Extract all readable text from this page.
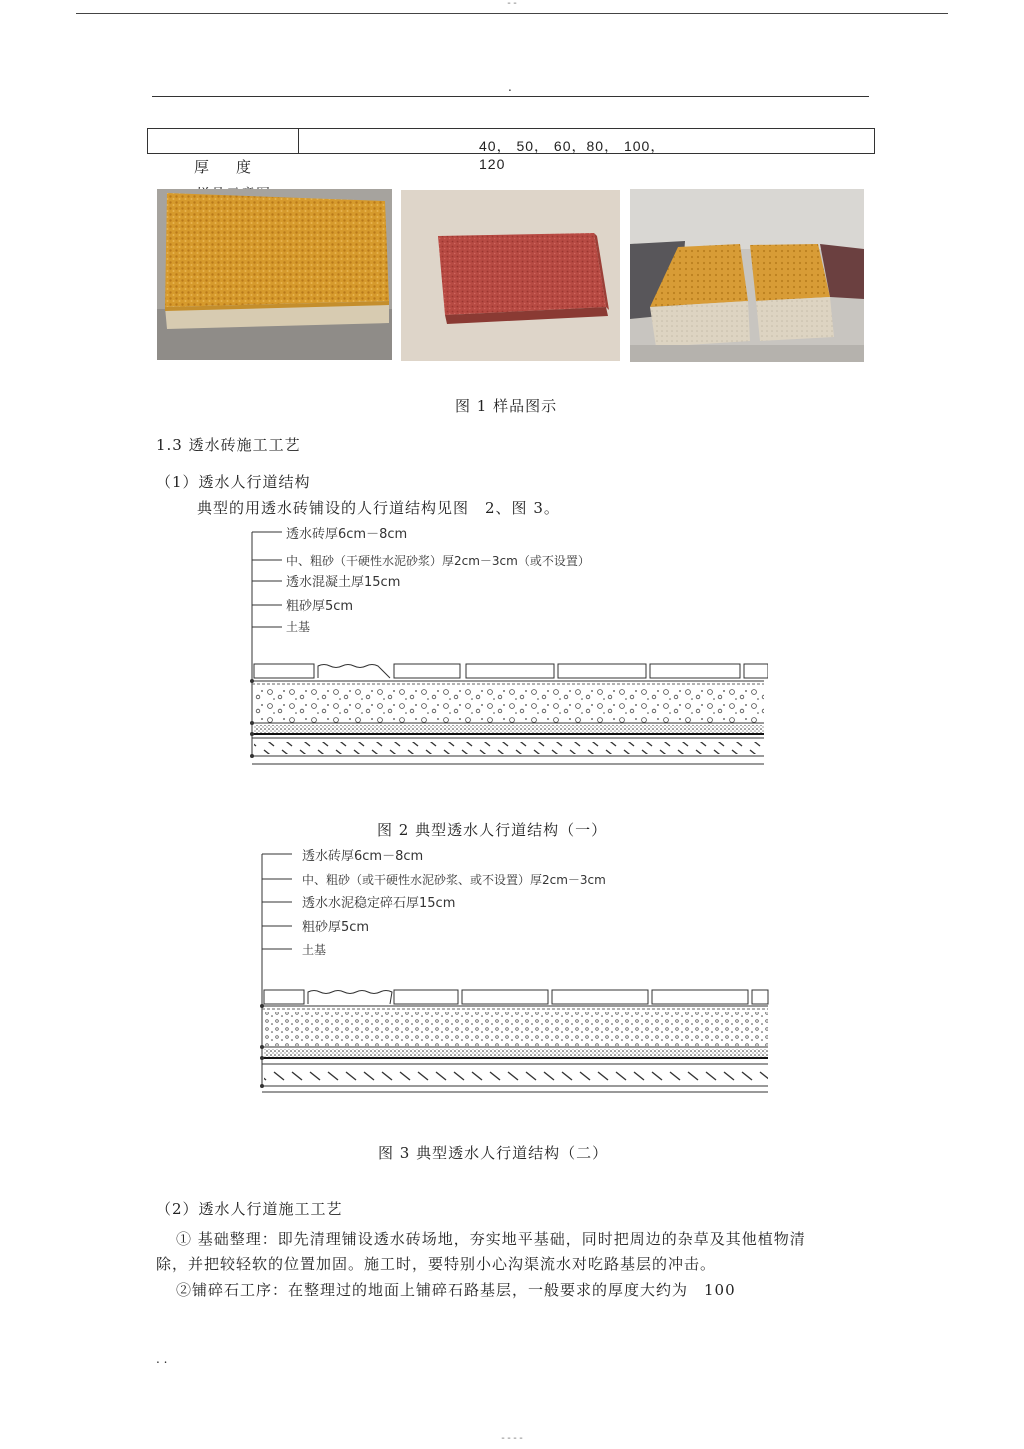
--
.
40， 50， 60，80， 100，
厚　度	120
图 1 样品图示
1.3 透水砖施工工艺
（1）透水人行道结构
典型的用透水砖铺设的人行道结构见图　2、图 3。
透水砖厚6cm－8cm
中、粗砂（干硬性水泥砂浆）厚2cm－3cm（或不设置）
透水混凝土厚15cm
粗砂厚5cm
土基
图 2 典型透水人行道结构（一）
透水砖厚6cm－8cm
中、粗砂（或干硬性水泥砂浆、或不设置）厚2cm－3cm
透水水泥稳定碎石厚15cm
粗砂厚5cm
土基
图 3 典型透水人行道结构（二）
（2）透水人行道施工工艺
① 基础整理：即先清理铺设透水砖场地，夯实地平基础，同时把周边的杂草及其他植物清
除，并把较轻软的位置加固。施工时，要特别小心沟渠流水对吃路基层的冲击。
②铺碎石工序：在整理过的地面上铺碎石路基层，一般要求的厚度大约为　100
. .
----
